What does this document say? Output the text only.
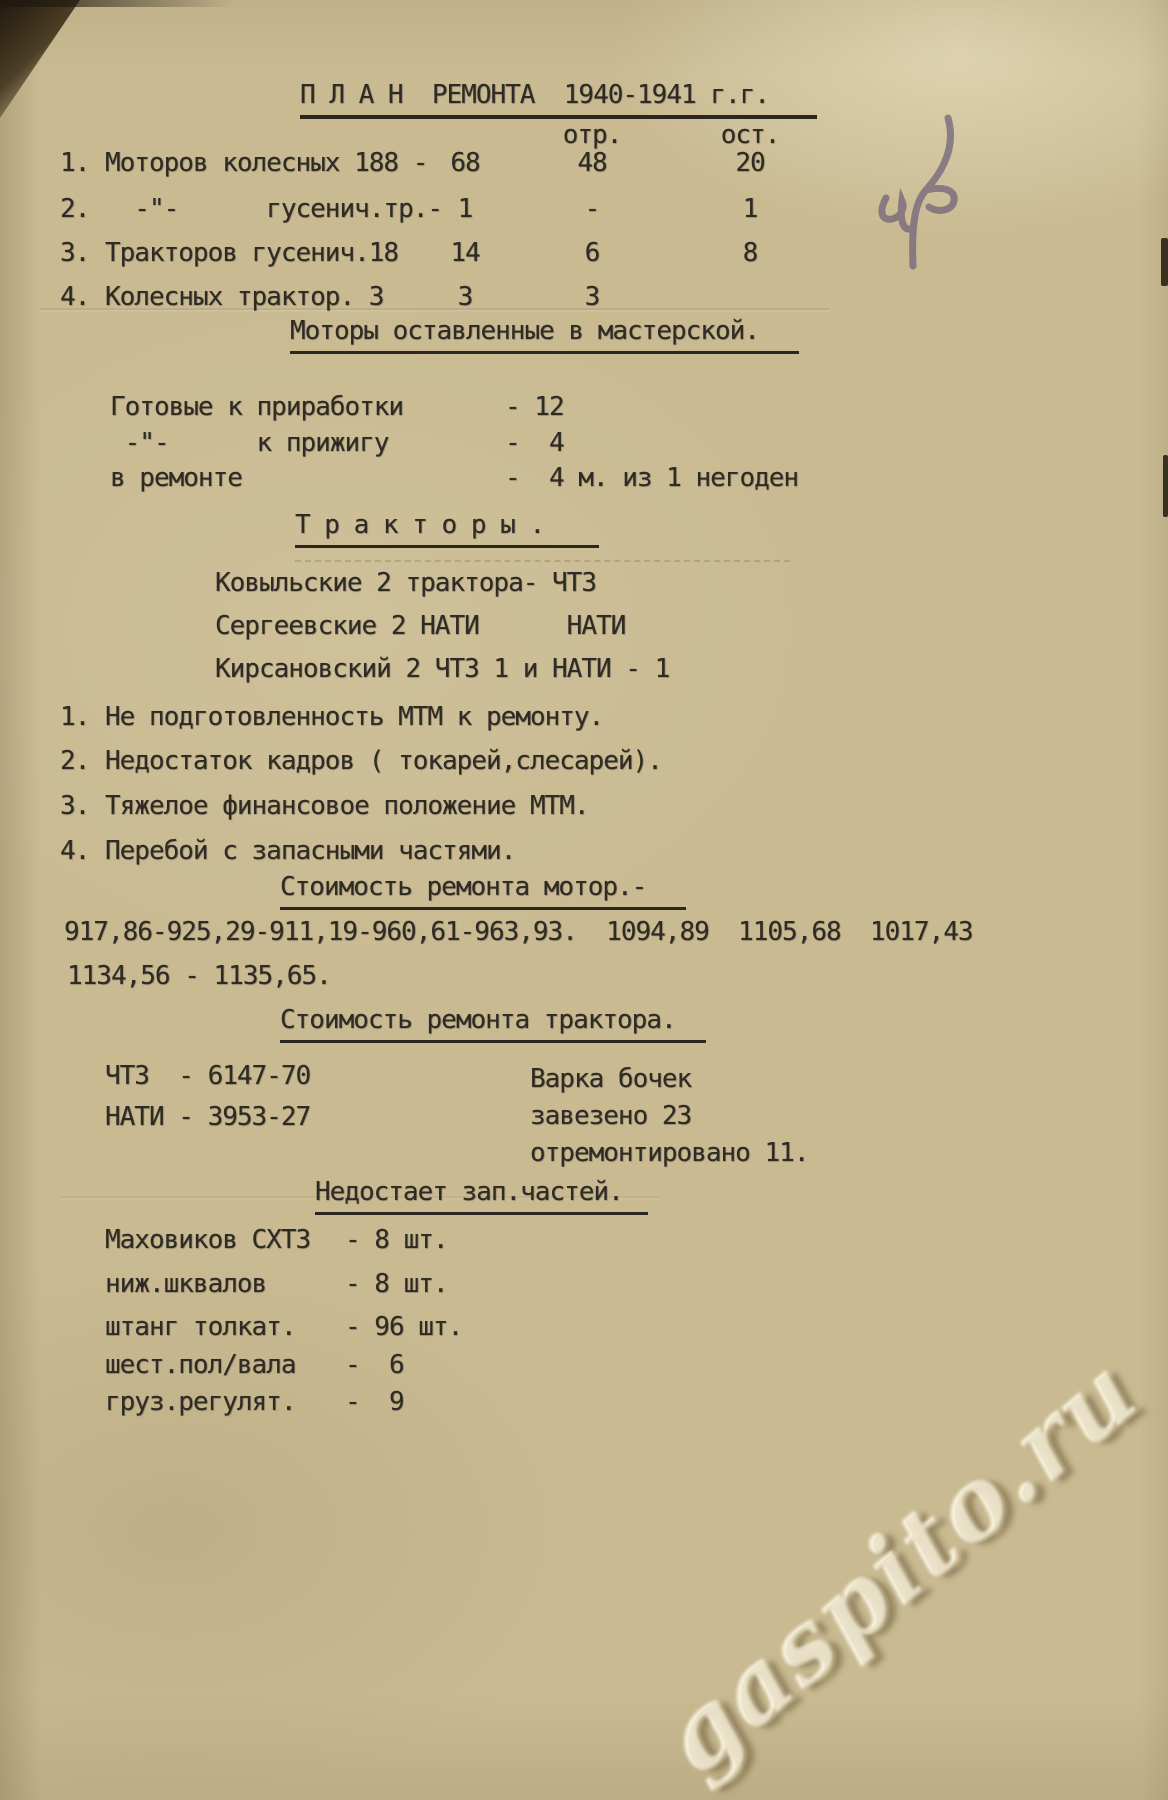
П Л А Н  РЕМОНТА  1940-1941 г.г.
отр.	ост.
1. Моторов колесных 188 - 68	48	20
2. -"-      гусенич.тр.- 1	-	1
3. Тракторов гусенич.18	14	6	8
4. Колесных трактор. 3	3	3
Моторы оставленные в мастерской.
Готовые к приработки	- 12
-"-      к прижигу	-  4
в ремонте	-  4 м. из 1 негоден
Т р а к т о р ы .
Ковыльские 2 трактора- ЧТЗ
Сергеевские 2 НАТИ      НАТИ
Кирсановский 2 ЧТЗ 1 и НАТИ - 1
1. Не подготовленность МТМ к ремонту.
2. Недостаток кадров ( токарей,слесарей).
3. Тяжелое финансовое положение МТМ.
4. Перебой с запасными частями.
Стоимость ремонта мотор.-
917,86-925,29-911,19-960,61-963,93.  1094,89  1105,68  1017,43
1134,56 - 1135,65.
Стоимость ремонта трактора.
ЧТЗ  - 6147-70
НАТИ - 3953-27
Варка бочек
завезено 23
отремонтировано 11.
Недостает зап.частей.
Маховиков СХТЗ - 8 шт.
ниж.шквалов	- 8 шт.
штанг толкат. - 96 шт.
шест.пол/вала -  6
груз.регулят. -  9 gaspito.ru
